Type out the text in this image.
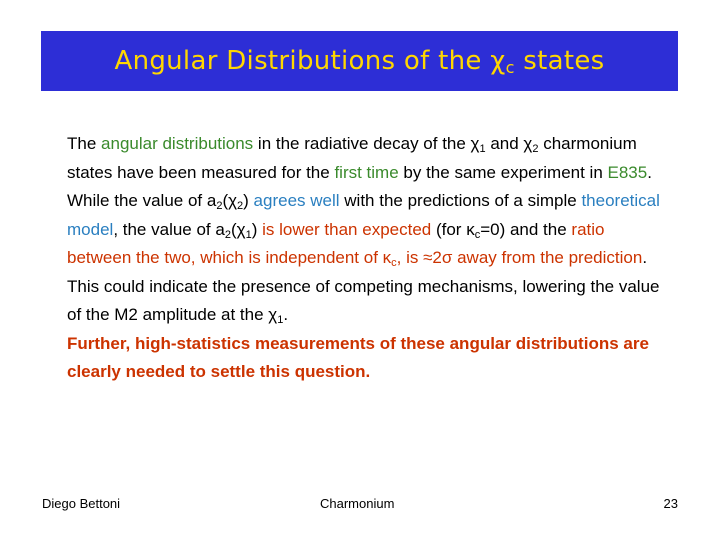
Angular Distributions of the $\chi_c$ states
The angular distributions in the radiative decay of the $\chi_1$ and $\chi_2$ charmonium states have been measured for the first time by the same experiment in E835.
While the value of $a_2(\chi_2)$ agrees well with the predictions of a simple theoretical model, the value of $a_2(\chi_1)$ is lower than expected (for $\kappa_c=0$) and the ratio between the two, which is independent of $\kappa_c$, is ≈2σ away from the prediction.
This could indicate the presence of competing mechanisms, lowering the value of the M2 amplitude at the $\chi_1$.
Further, high-statistics measurements of these angular distributions are clearly needed to settle this question.
Diego Bettoni	Charmonium	23
